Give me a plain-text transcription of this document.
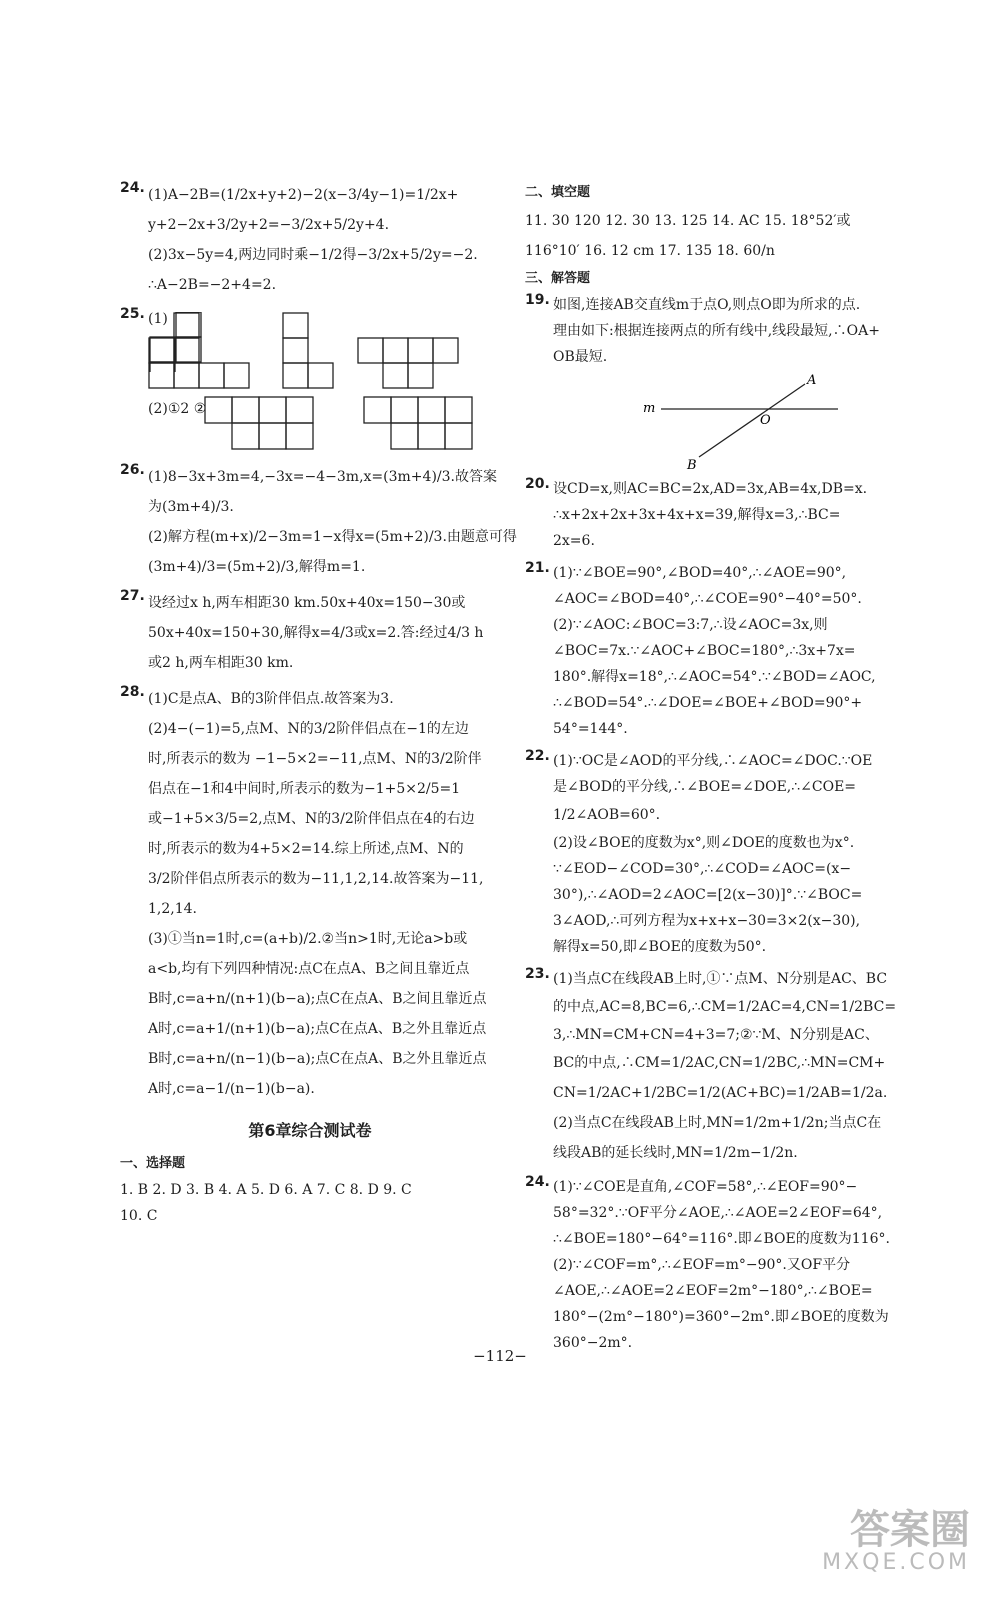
24. (1)A−2B=(1/2x+y+2)−2(x−3/4y−1)=1/2x+
y+2−2x+3/2y+2=−3/2x+5/2y+4.
(2)3x−5y=4,两边同时乘−1/2得−3/2x+5/2y=−2.
∴A−2B=−2+4=2.
25. (1)
(2)①2 ②
26. (1)8−3x+3m=4,−3x=−4−3m,x=(3m+4)/3.故答案
为(3m+4)/3.
(2)解方程(m+x)/2−3m=1−x得x=(5m+2)/3.由题意可得
(3m+4)/3=(5m+2)/3,解得m=1.
27. 设经过x h,两车相距30 km.50x+40x=150−30或
50x+40x=150+30,解得x=4/3或x=2.答:经过4/3 h
或2 h,两车相距30 km.
28. (1)C是点A、B的3阶伴侣点.故答案为3.
(2)4−(−1)=5,点M、N的3/2阶伴侣点在−1的左边
时,所表示的数为 −1−5×2=−11,点M、N的3/2阶伴
侣点在−1和4中间时,所表示的数为−1+5×2/5=1
或−1+5×3/5=2,点M、N的3/2阶伴侣点在4的右边
时,所表示的数为4+5×2=14.综上所述,点M、N的
3/2阶伴侣点所表示的数为−11,1,2,14.故答案为−11,
1,2,14.
(3)①当n=1时,c=(a+b)/2.②当n>1时,无论a>b或
a<b,均有下列四种情况:点C在点A、B之间且靠近点
B时,c=a+n/(n+1)(b−a);点C在点A、B之间且靠近点
A时,c=a+1/(n+1)(b−a);点C在点A、B之外且靠近点
B时,c=a+n/(n−1)(b−a);点C在点A、B之外且靠近点
A时,c=a−1/(n−1)(b−a).
第6章综合测试卷
一、选择题
1. B 2. D 3. B 4. A 5. D 6. A 7. C 8. D 9. C
10. C
二、填空题
11. 30 120 12. 30 13. 125 14. AC 15. 18°52′或
116°10′ 16. 12 cm 17. 135 18. 60/n
三、解答题
19. 如图,连接AB交直线m于点O,则点O即为所求的点.
理由如下:根据连接两点的所有线中,线段最短,∴OA+
OB最短.
m
A
O
B
20. 设CD=x,则AC=BC=2x,AD=3x,AB=4x,DB=x.
∴x+2x+2x+3x+4x+x=39,解得x=3,∴BC=
2x=6.
21. (1)∵∠BOE=90°,∠BOD=40°,∴∠AOE=90°,
∠AOC=∠BOD=40°,∴∠COE=90°−40°=50°.
(2)∵∠AOC:∠BOC=3:7,∴设∠AOC=3x,则
∠BOC=7x.∵∠AOC+∠BOC=180°,∴3x+7x=
180°.解得x=18°,∴∠AOC=54°.∵∠BOD=∠AOC,
∴∠BOD=54°.∴∠DOE=∠BOE+∠BOD=90°+
54°=144°.
22. (1)∵OC是∠AOD的平分线,∴∠AOC=∠DOC.∵OE
是∠BOD的平分线,∴∠BOE=∠DOE,∴∠COE=
1/2∠AOB=60°.
(2)设∠BOE的度数为x°,则∠DOE的度数也为x°.
∵∠EOD−∠COD=30°,∴∠COD=∠AOC=(x−
30°),∴∠AOD=2∠AOC=[2(x−30)]°.∵∠BOC=
3∠AOD,∴可列方程为x+x+x−30=3×2(x−30),
解得x=50,即∠BOE的度数为50°.
23. (1)当点C在线段AB上时,①∵点M、N分别是AC、BC
的中点,AC=8,BC=6,∴CM=1/2AC=4,CN=1/2BC=
3,∴MN=CM+CN=4+3=7;②∵M、N分别是AC、
BC的中点,∴CM=1/2AC,CN=1/2BC,∴MN=CM+
CN=1/2AC+1/2BC=1/2(AC+BC)=1/2AB=1/2a.
(2)当点C在线段AB上时,MN=1/2m+1/2n;当点C在
线段AB的延长线时,MN=1/2m−1/2n.
24. (1)∵∠COE是直角,∠COF=58°,∴∠EOF=90°−
58°=32°.∵OF平分∠AOE,∴∠AOE=2∠EOF=64°,
∴∠BOE=180°−64°=116°.即∠BOE的度数为116°.
(2)∵∠COF=m°,∴∠EOF=m°−90°.又OF平分
∠AOE,∴∠AOE=2∠EOF=2m°−180°,∴∠BOE=
180°−(2m°−180°)=360°−2m°.即∠BOE的度数为
360°−2m°.
−112−
答案圈
MXQE.COM
